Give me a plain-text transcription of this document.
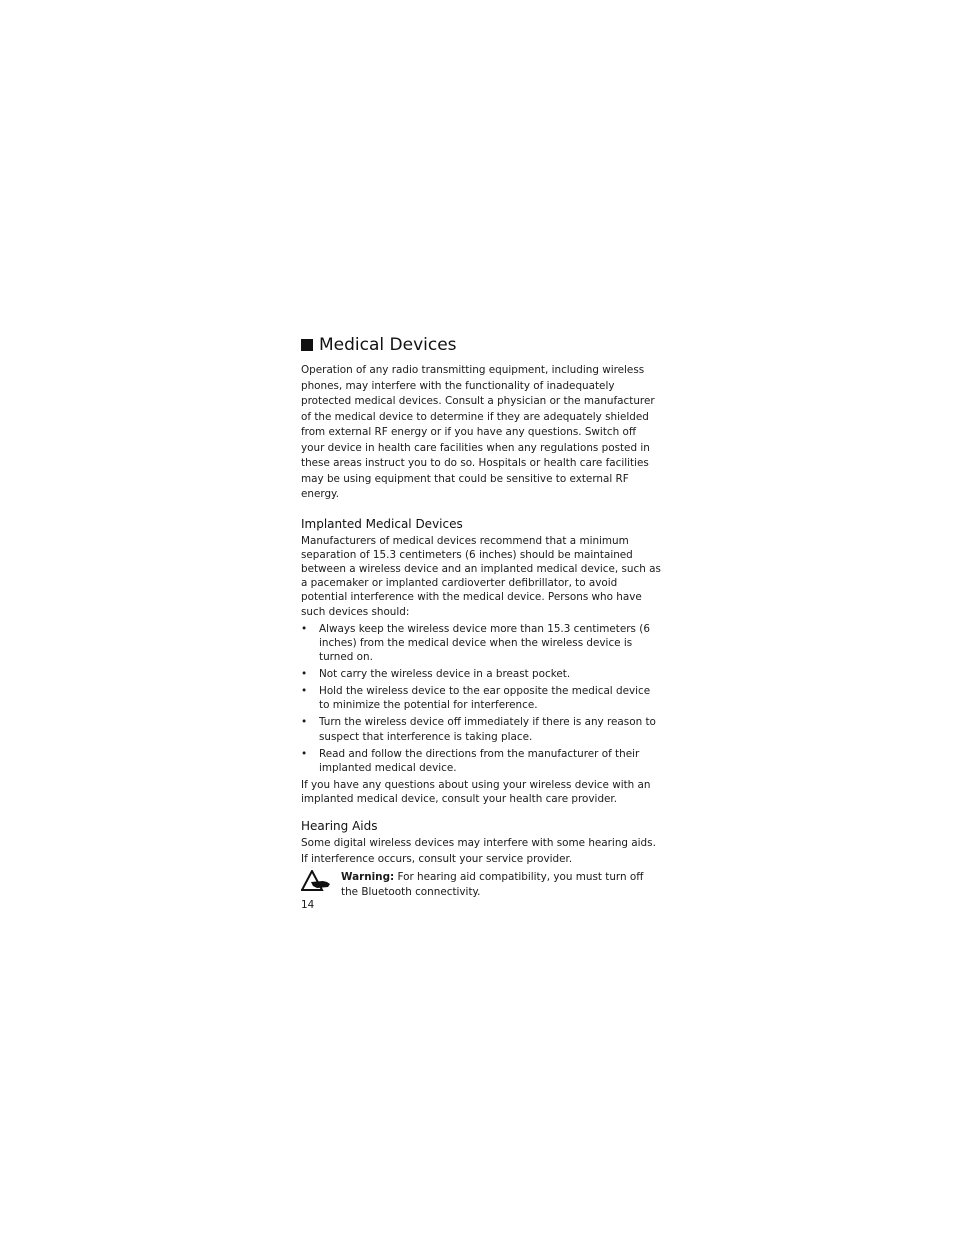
Medical Devices

Operation of any radio transmitting equipment, including wireless phones, may interfere with the functionality of inadequately protected medical devices. Consult a physician or the manufacturer of the medical device to determine if they are adequately shielded from external RF energy or if you have any questions. Switch off your device in health care facilities when any regulations posted in these areas instruct you to do so. Hospitals or health care facilities may be using equipment that could be sensitive to external RF energy.

Implanted Medical Devices

Manufacturers of medical devices recommend that a minimum separation of 15.3 centimeters (6 inches) should be maintained between a wireless device and an implanted medical device, such as a pacemaker or implanted cardioverter defibrillator, to avoid potential interference with the medical device. Persons who have such devices should:

• Always keep the wireless device more than 15.3 centimeters (6 inches) from the medical device when the wireless device is turned on.
• Not carry the wireless device in a breast pocket.
• Hold the wireless device to the ear opposite the medical device to minimize the potential for interference.
• Turn the wireless device off immediately if there is any reason to suspect that interference is taking place.
• Read and follow the directions from the manufacturer of their implanted medical device.

If you have any questions about using your wireless device with an implanted medical device, consult your health care provider.

Hearing Aids

Some digital wireless devices may interfere with some hearing aids.

If interference occurs, consult your service provider.

Warning: For hearing aid compatibility, you must turn off the Bluetooth connectivity.
14
